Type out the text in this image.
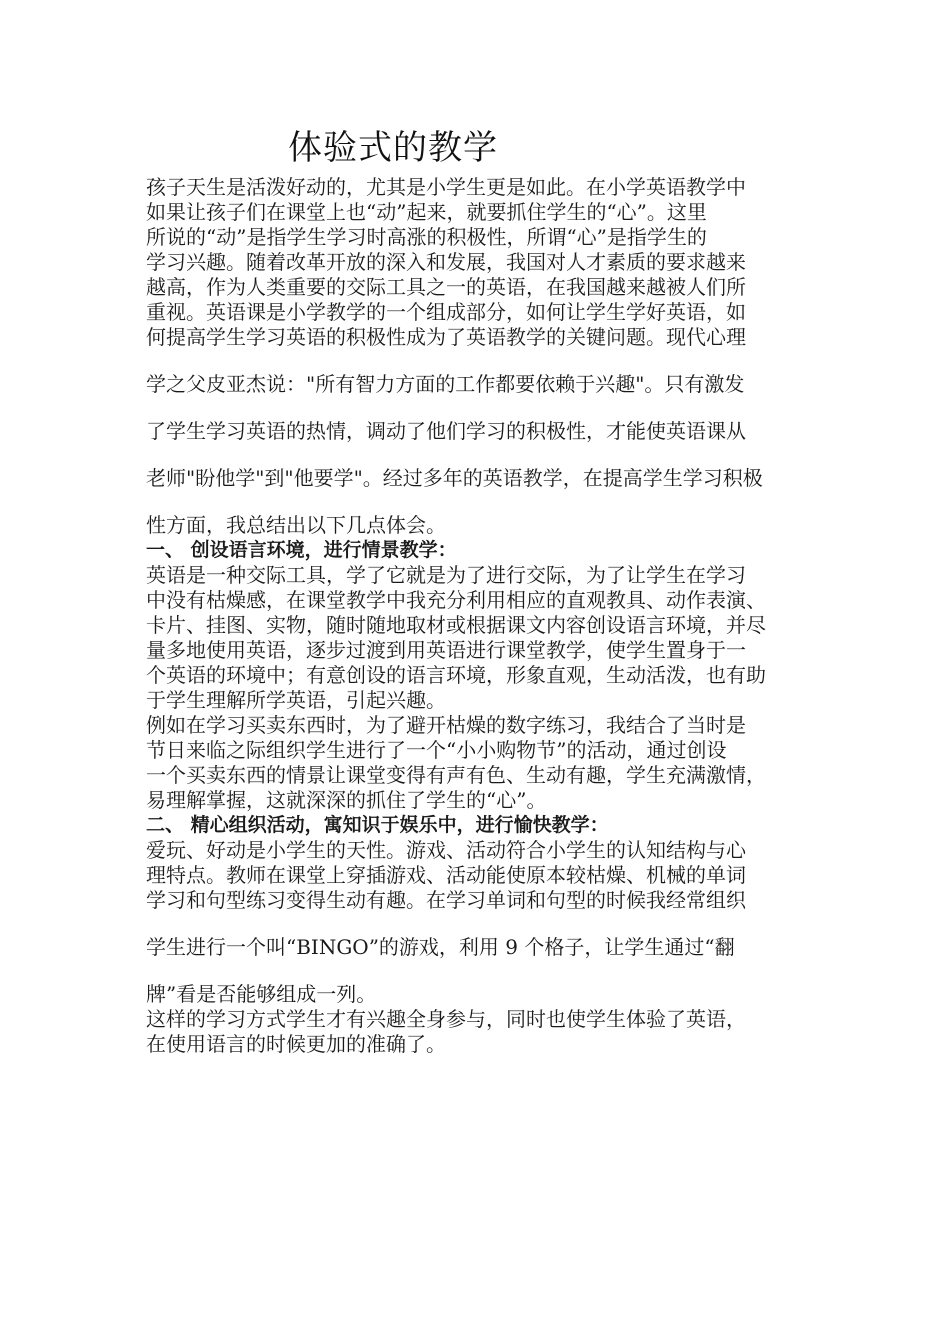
体验式的教学
孩子天生是活泼好动的，尤其是小学生更是如此。在小学英语教学中
如果让孩子们在课堂上也“动”起来，就要抓住学生的“心”。这里
所说的“动”是指学生学习时高涨的积极性，所谓“心”是指学生的
学习兴趣。随着改革开放的深入和发展，我国对人才素质的要求越来
越高，作为人类重要的交际工具之一的英语，在我国越来越被人们所
重视。英语课是小学教学的一个组成部分，如何让学生学好英语，如
何提高学生学习英语的积极性成为了英语教学的关键问题。现代心理
学之父皮亚杰说："所有智力方面的工作都要依赖于兴趣"。只有激发
了学生学习英语的热情，调动了他们学习的积极性，才能使英语课从
老师"盼他学"到"他要学"。经过多年的英语教学，在提高学生学习积极
性方面，我总结出以下几点体会。
一、 创设语言环境，进行情景教学：
英语是一种交际工具，学了它就是为了进行交际，为了让学生在学习
中没有枯燥感，在课堂教学中我充分利用相应的直观教具、动作表演、
卡片、挂图、实物，随时随地取材或根据课文内容创设语言环境，并尽
量多地使用英语，逐步过渡到用英语进行课堂教学，使学生置身于一
个英语的环境中；有意创设的语言环境，形象直观，生动活泼，也有助
于学生理解所学英语，引起兴趣。
例如在学习买卖东西时，为了避开枯燥的数字练习，我结合了当时是
节日来临之际组织学生进行了一个“小小购物节”的活动，通过创设
一个买卖东西的情景让课堂变得有声有色、生动有趣，学生充满激情，
易理解掌握，这就深深的抓住了学生的“心”。
二、 精心组织活动，寓知识于娱乐中，进行愉快教学：
爱玩、好动是小学生的天性。游戏、活动符合小学生的认知结构与心
理特点。教师在课堂上穿插游戏、活动能使原本较枯燥、机械的单词
学习和句型练习变得生动有趣。在学习单词和句型的时候我经常组织
学生进行一个叫“BINGO”的游戏，利用 9 个格子，让学生通过“翻
牌”看是否能够组成一列。
这样的学习方式学生才有兴趣全身参与，同时也使学生体验了英语，
在使用语言的时候更加的准确了。
